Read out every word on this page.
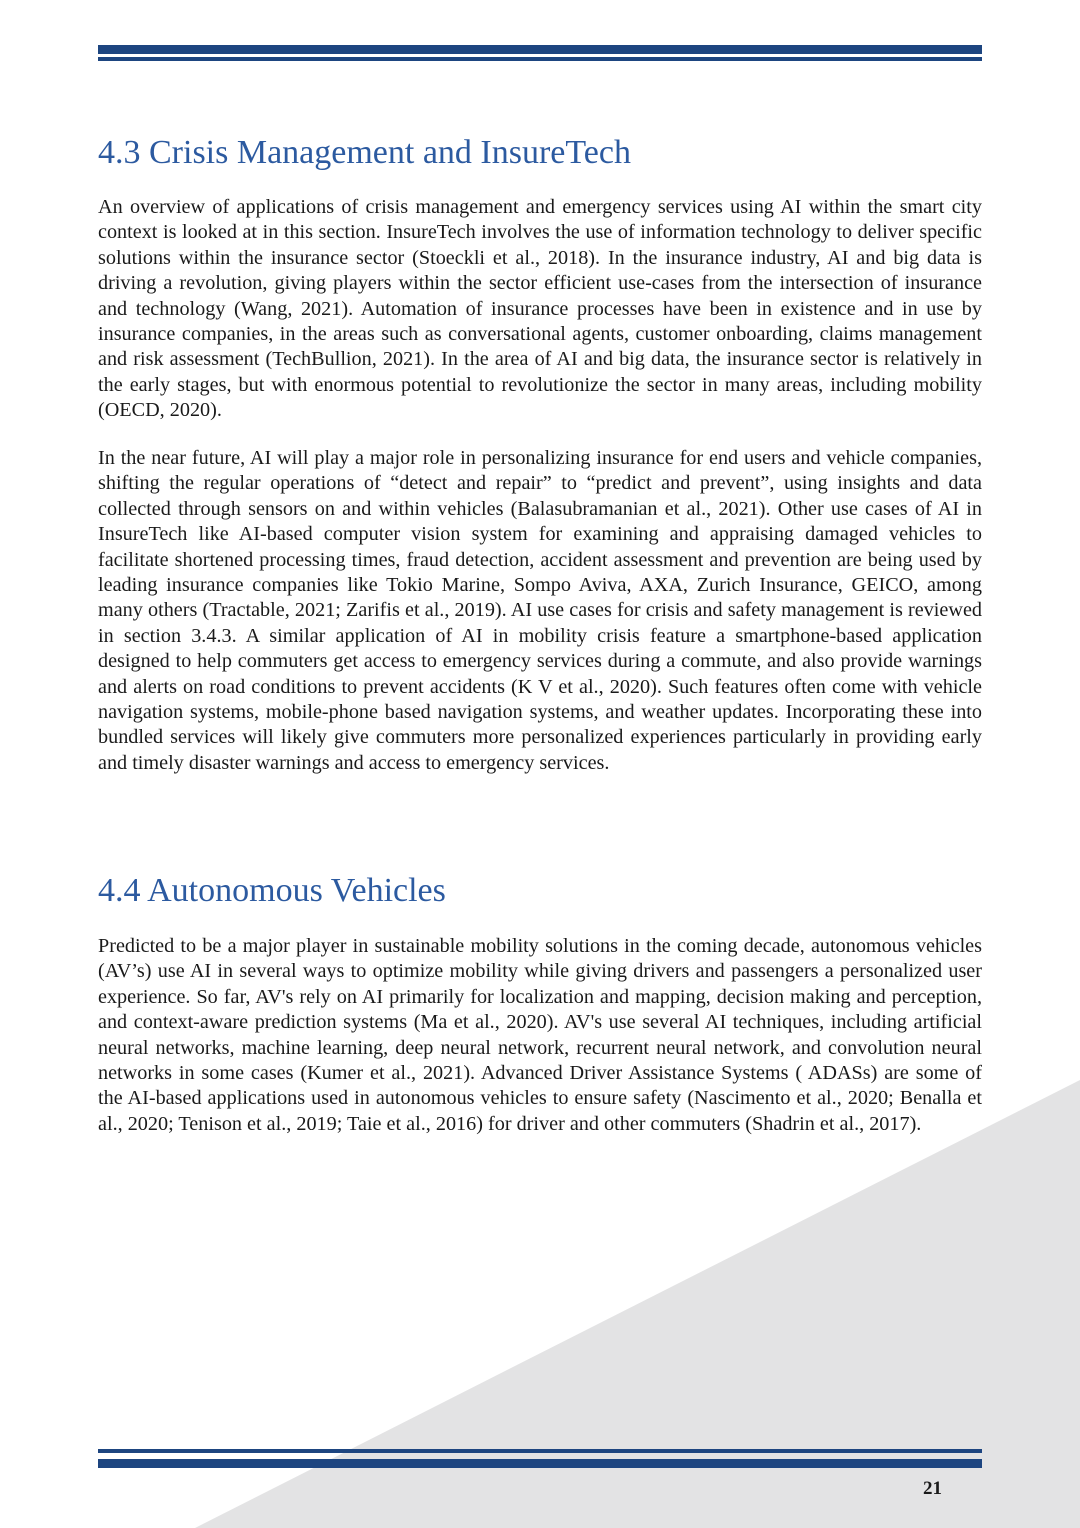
4.3 Crisis Management and InsureTech

An overview of applications of crisis management and emergency services using AI within the smart city context is looked at in this section. InsureTech involves the use of information technology to deliver specific solutions within the insurance sector (Stoeckli et al., 2018). In the insurance industry, AI and big data is driving a revolution, giving players within the sector efficient use-cases from the intersection of insurance and technology (Wang, 2021). Automation of insurance processes have been in existence and in use by insurance companies, in the areas such as conversational agents, customer onboarding, claims management and risk assessment (TechBullion, 2021). In the area of AI and big data, the insurance sector is relatively in the early stages, but with enormous potential to revolutionize the sector in many areas, including mobility (OECD, 2020).

In the near future, AI will play a major role in personalizing insurance for end users and vehicle companies, shifting the regular operations of “detect and repair” to “predict and prevent”, using insights and data collected through sensors on and within vehicles (Balasubramanian et al., 2021). Other use cases of AI in InsureTech like AI-based computer vision system for examining and appraising damaged vehicles to facilitate shortened processing times, fraud detection, accident assessment and prevention are being used by leading insurance companies like Tokio Marine, Sompo Aviva, AXA, Zurich Insurance, GEICO, among many others (Tractable, 2021; Zarifis et al., 2019). AI use cases for crisis and safety management is reviewed in section 3.4.3. A similar application of AI in mobility crisis feature a smartphone-based application designed to help commuters get access to emergency services during a commute, and also provide warnings and alerts on road conditions to prevent accidents (K V et al., 2020). Such features often come with vehicle navigation systems, mobile-phone based navigation systems, and weather updates. Incorporating these into bundled services will likely give commuters more personalized experiences particularly in providing early and timely disaster warnings and access to emergency services.

4.4 Autonomous Vehicles

Predicted to be a major player in sustainable mobility solutions in the coming decade, autonomous vehicles (AV’s) use AI in several ways to optimize mobility while giving drivers and passengers a personalized user experience. So far, AV's rely on AI primarily for localization and mapping, decision making and perception, and context-aware prediction systems (Ma et al., 2020). AV's use several AI techniques, including artificial neural networks, machine learning, deep neural network, recurrent neural network, and convolution neural networks in some cases (Kumer et al., 2021). Advanced Driver Assistance Systems ( ADASs) are some of the AI-based applications used in autonomous vehicles to ensure safety (Nascimento et al., 2020; Benalla et al., 2020; Tenison et al., 2019; Taie et al., 2016) for driver and other commuters (Shadrin et al., 2017).

21
